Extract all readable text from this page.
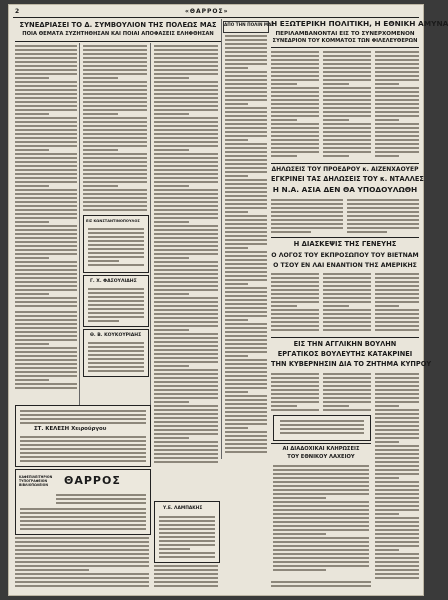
2	«ΘΑΡΡΟΣ»
ΣΥΝΕΔΡΙΑΣΕΙ ΤΟ Δ. ΣΥΜΒΟΥΛΙΟΝ ΤΗΣ ΠΟΛΕΩΣ ΜΑΣ
ΠΟΙΑ ΘΕΜΑΤΑ ΣΥΖΗΤΗΘΗΣΑΝ ΚΑΙ ΠΟΙΑΙ ΑΠΟΦΑΣΕΙΣ ΕΛΗΦΘΗΣΑΝ
ΑΠΟ ΤΗΝ ΠΟΛΙΝ ΜΑΣ
ΕΙΣ ΚΩΝΣΤΑΝΤΙΝΟΠΟΥΛΟΣ
Γ. Χ. ΦΑΣΟΥΛΙΔΗΣ
Θ. Β. ΚΟΥΚΟΥΡΙΔΗΣ
ΣΤ. ΚΕΛΕΣΗ Χειρούργου
ΚΑΦΕΠΙΛΕΙΤΗΡΙΟΝ ΤΥΠΟΓΡΑΦΕΙΟΝ ΒΙΒΛΙΟΠΩΛΕΙΟΝ	ΘΑΡΡΟΣ
Υ.Ε. ΛΑΜΠΑΚΗΣ
Η ΕΞΩΤΕΡΙΚΗ ΠΟΛΙΤΙΚΗ, Η ΕΘΝΙΚΗ ΑΜΥΝΑ
ΠΕΡΙΛΑΜΒΑΝΟΝΤΑΙ ΕΙΣ ΤΟ ΣΥΝΕΡΧΟΜΕΝΟΝ
ΣΥΝΕΔΡΙΟΝ ΤΟΥ ΚΟΜΜΑΤΟΣ ΤΩΝ ΦΙΛΕΛΕΥΘΕΡΩΝ
ΔΗΛΩΣΕΙΣ ΤΟΥ ΠΡΟΕΔΡΟΥ κ. ΑΙΖΕΝΧΑΟΥΕΡ
ΕΓΚΡΙΝΕΙ ΤΑΣ ΔΗΛΩΣΕΙΣ ΤΟΥ κ. ΝΤΑΛΛΕΣ
Η Ν.Α. ΑΣΙΑ ΔΕΝ ΘΑ ΥΠΟΔΟΥΛΩΘΗ
Η ΔΙΑΣΚΕΨΙΣ ΤΗΣ ΓΕΝΕΥΗΣ
Ο ΛΟΓΟΣ ΤΟΥ ΕΚΠΡΟΣΩΠΟΥ ΤΟΥ ΒΙΕΤΝΑΜ
Ο ΤΣΟΥ ΕΝ ΛΑΙ ΕΝΑΝΤΙΟΝ ΤΗΣ ΑΜΕΡΙΚΗΣ
ΕΙΣ ΤΗΝ ΑΓΓΛΙΚΗΝ ΒΟΥΛΗΝ
ΕΡΓΑΤΙΚΟΣ ΒΟΥΛΕΥΤΗΣ ΚΑΤΑΚΡΙΝΕΙ
ΤΗΝ ΚΥΒΕΡΝΗΣΙΝ ΔΙΑ ΤΟ ΖΗΤΗΜΑ ΚΥΠΡΟΥ
ΑΙ ΔΙΑΔΟΧΙΚΑΙ ΚΛΗΡΩΣΕΙΣ
ΤΟΥ ΕΘΝΙΚΟΥ ΛΑΧΕΙΟΥ
